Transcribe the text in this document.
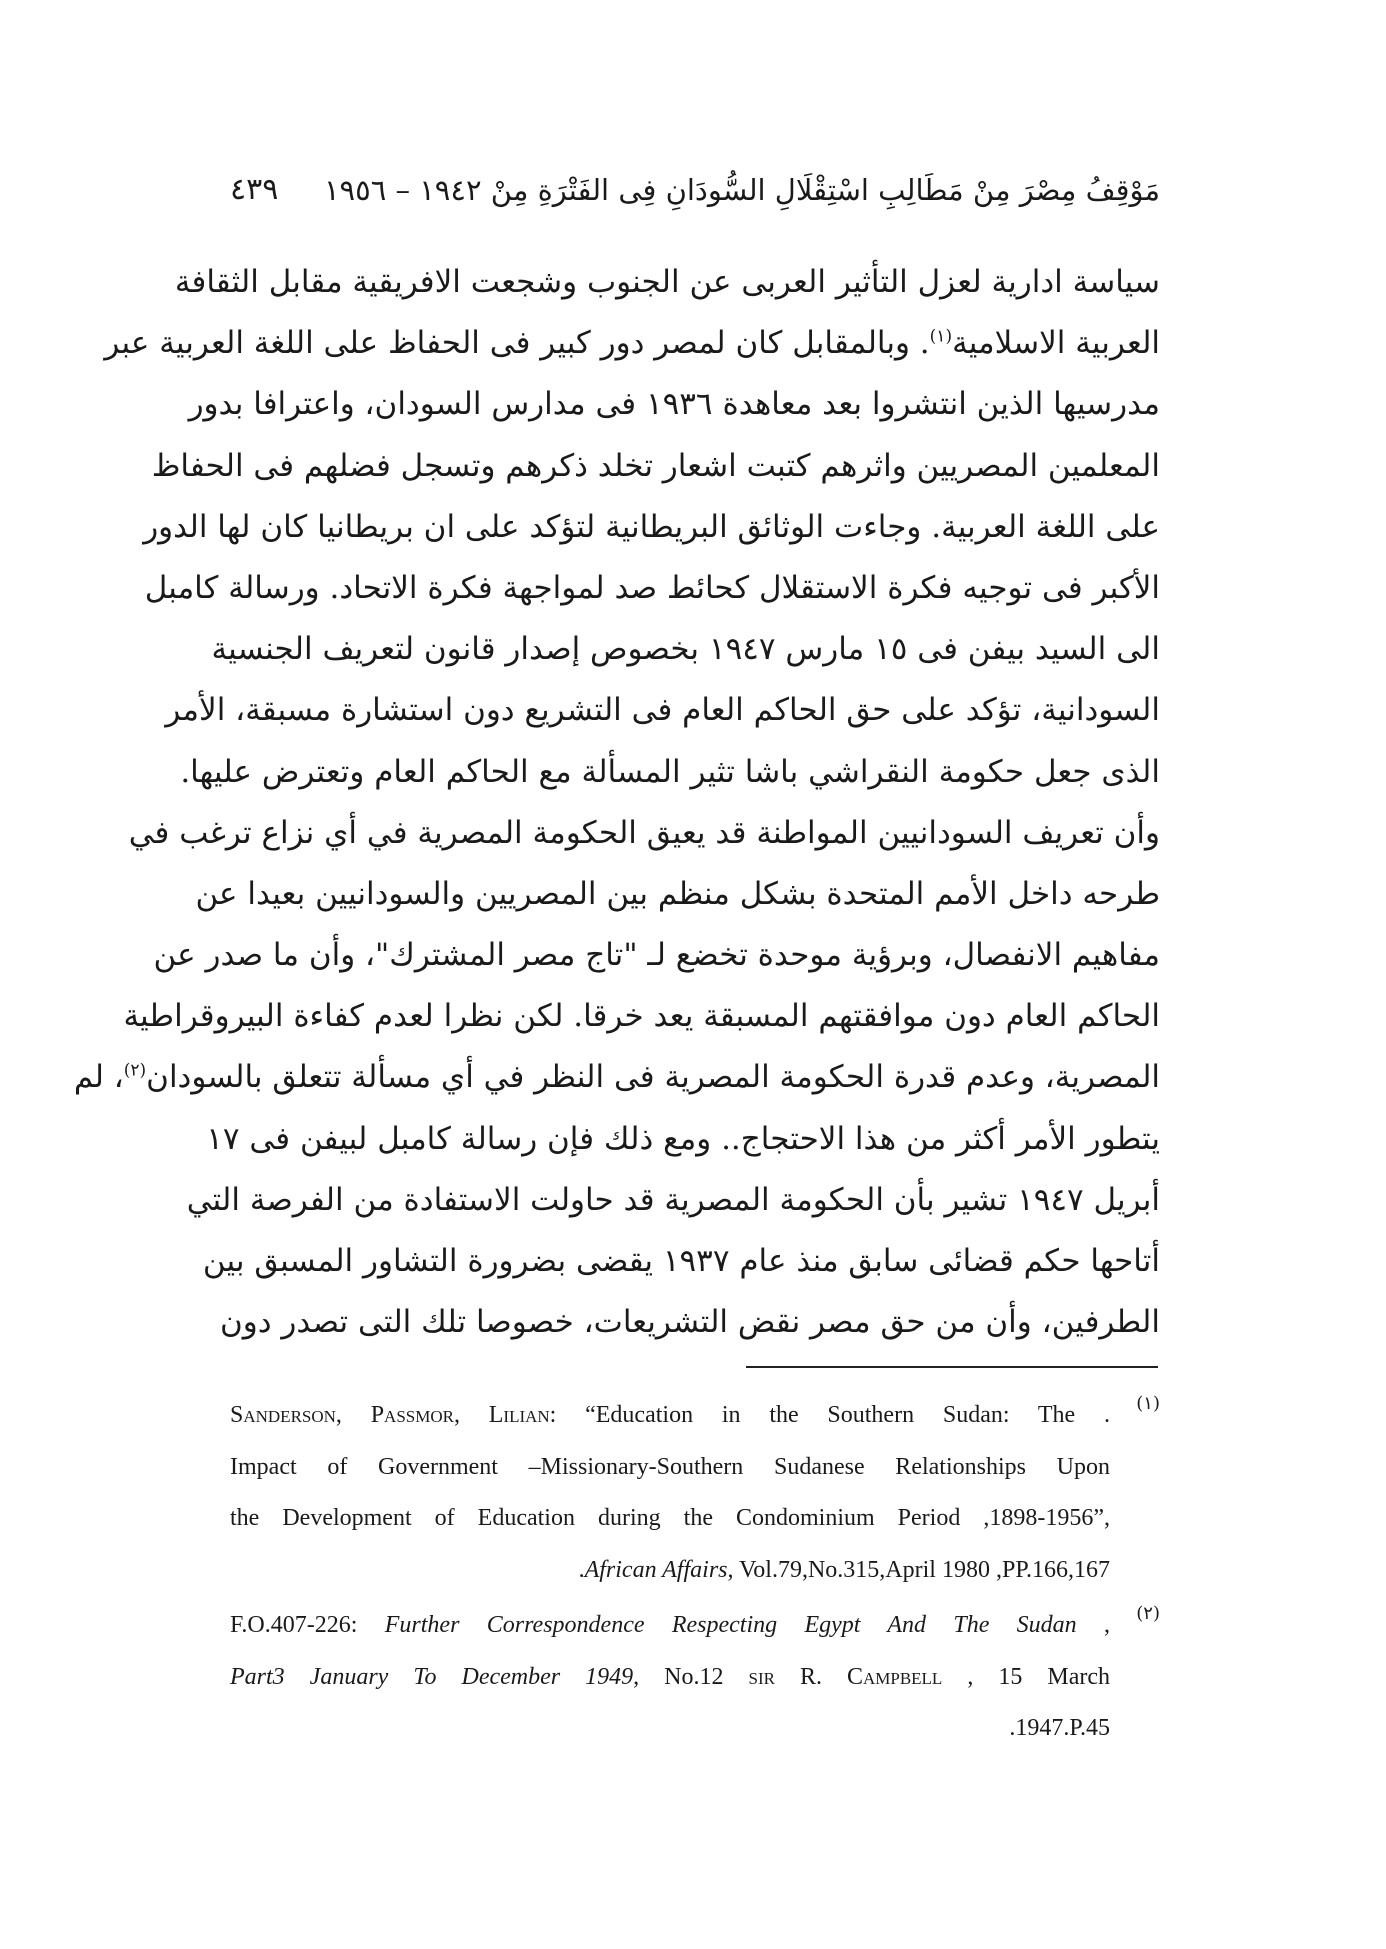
٤٣٩ مَوْقِفُ مِصْرَ مِنْ مَطَالِبِ اسْتِقْلَالِ السُّودَانِ فِى الفَتْرَةِ مِنْ ١٩٤٢ – ١٩٥٦
سياسة ادارية لعزل التأثير العربى عن الجنوب وشجعت الافريقية مقابل الثقافة
العربية الاسلامية$^{(١)}$. وبالمقابل كان لمصر دور كبير فى الحفاظ على اللغة العربية عبر
مدرسيها الذين انتشروا بعد معاهدة ١٩٣٦ فى مدارس السودان، واعترافا بدور
المعلمين المصريين واثرهم كتبت اشعار تخلد ذكرهم وتسجل فضلهم فى الحفاظ
على اللغة العربية. وجاءت الوثائق البريطانية لتؤكد على ان بريطانيا كان لها الدور
الأكبر فى توجيه فكرة الاستقلال كحائط صد لمواجهة فكرة الاتحاد. ورسالة كامبل
الى السيد بيفن فى ١٥ مارس ١٩٤٧ بخصوص إصدار قانون لتعريف الجنسية
السودانية، تؤكد على حق الحاكم العام فى التشريع دون استشارة مسبقة، الأمر
الذى جعل حكومة النقراشي باشا تثير المسألة مع الحاكم العام وتعترض عليها.
وأن تعريف السودانيين المواطنة قد يعيق الحكومة المصرية في أي نزاع ترغب في
طرحه داخل الأمم المتحدة بشكل منظم بين المصريين والسودانيين بعيدا عن
مفاهيم الانفصال، وبرؤية موحدة تخضع لـ "تاج مصر المشترك"، وأن ما صدر عن
الحاكم العام دون موافقتهم المسبقة يعد خرقا. لكن نظرا لعدم كفاءة البيروقراطية
المصرية، وعدم قدرة الحكومة المصرية فى النظر في أي مسألة تتعلق بالسودان$^{(٢)}$، لم
يتطور الأمر أكثر من هذا الاحتجاج.. ومع ذلك فإن رسالة كامبل لبيفن فى ١٧
أبريل ١٩٤٧ تشير بأن الحكومة المصرية قد حاولت الاستفادة من الفرصة التي
أتاحها حكم قضائى سابق منذ عام ١٩٣٧ يقضى بضرورة التشاور المسبق بين
الطرفين، وأن من حق مصر نقض التشريعات، خصوصا تلك التى تصدر دون
(١)
Sanderson, Passmor, Lilian: “Education in the Southern Sudan: The .
Impact of Government –Missionary-Southern Sudanese Relationships Upon
the Development of Education during the Condominium Period ,1898-1956”,
.African Affairs, Vol.79,No.315,April 1980 ,PP.166,167
(٢)
F.O.407-226: Further Correspondence Respecting Egypt And The Sudan ,
Part3 January To December 1949, No.12 sir R. Campbell , 15 March
.1947.P.45
